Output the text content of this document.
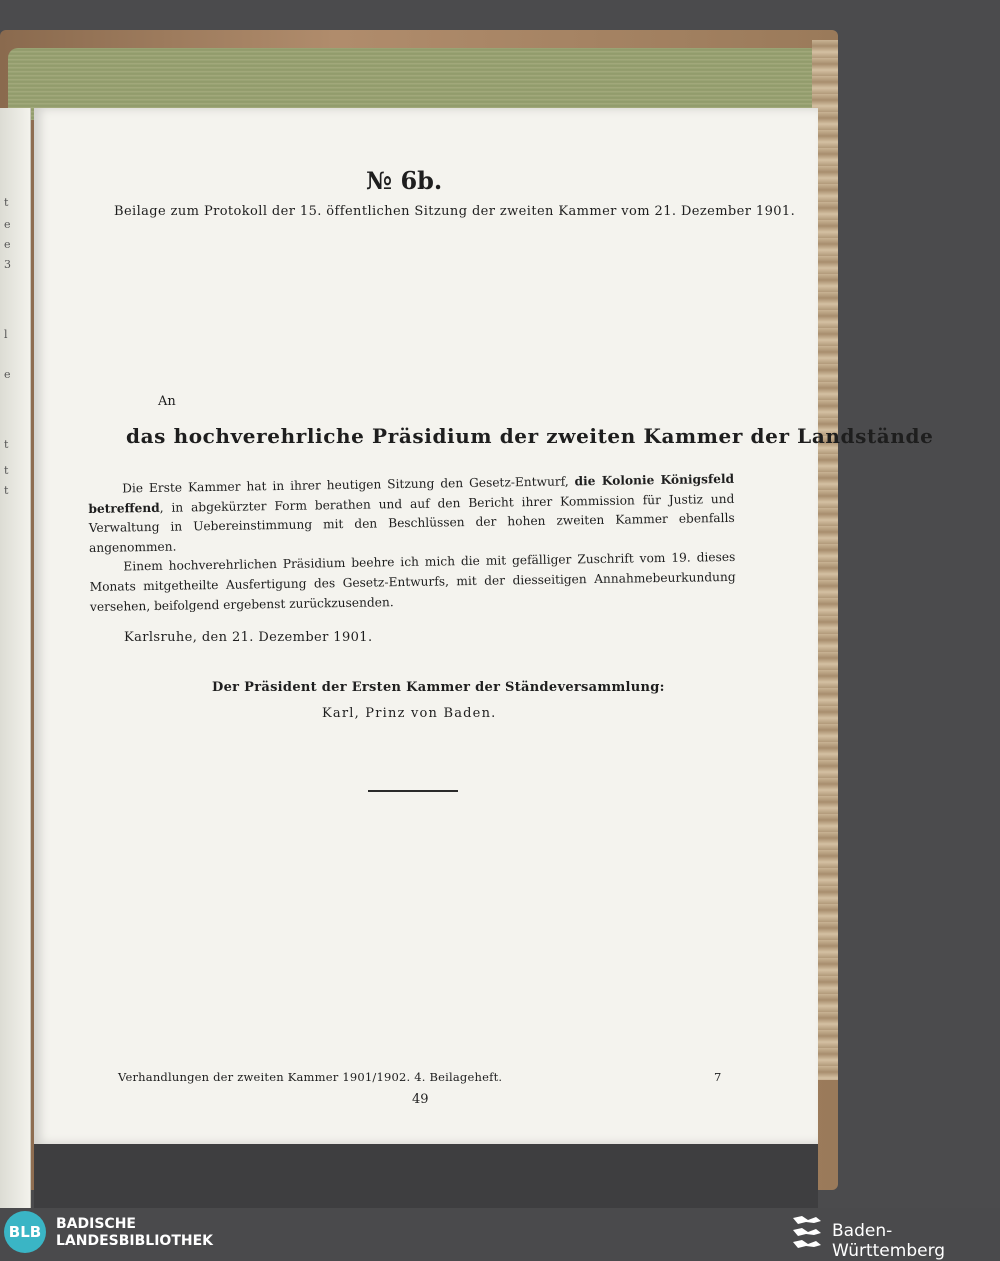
t
e
e
3
l
e
t
t
t
№ 6b.
Beilage zum Protokoll der 15. öffentlichen Sitzung der zweiten Kammer vom 21. Dezember 1901.
An
das hochverehrliche Präsidium der zweiten Kammer der Landstände

Die Erste Kammer hat in ihrer heutigen Sitzung den Gesetz-Entwurf, die Kolonie Königsfeld betreffend, in abgekürzter Form berathen und auf den Bericht ihrer Kommission für Justiz und Verwaltung in Uebereinstimmung mit den Beschlüssen der hohen zweiten Kammer ebenfalls angenommen.

Einem hochverehrlichen Präsidium beehre ich mich die mit gefälliger Zuschrift vom 19. dieses Monats mitgetheilte Ausfertigung des Gesetz-Entwurfs, mit der diesseitigen Annahmebeurkundung versehen, beifolgend ergebenst zurückzusenden.

Karlsruhe, den 21. Dezember 1901.
Der Präsident der Ersten Kammer der Ständeversammlung:
Karl, Prinz von Baden.
Verhandlungen der zweiten Kammer 1901/1902. 4. Beilageheft.	7
49
BLB	BADISCHE
LANDESBIBLIOTHEK	Baden-Württemberg
